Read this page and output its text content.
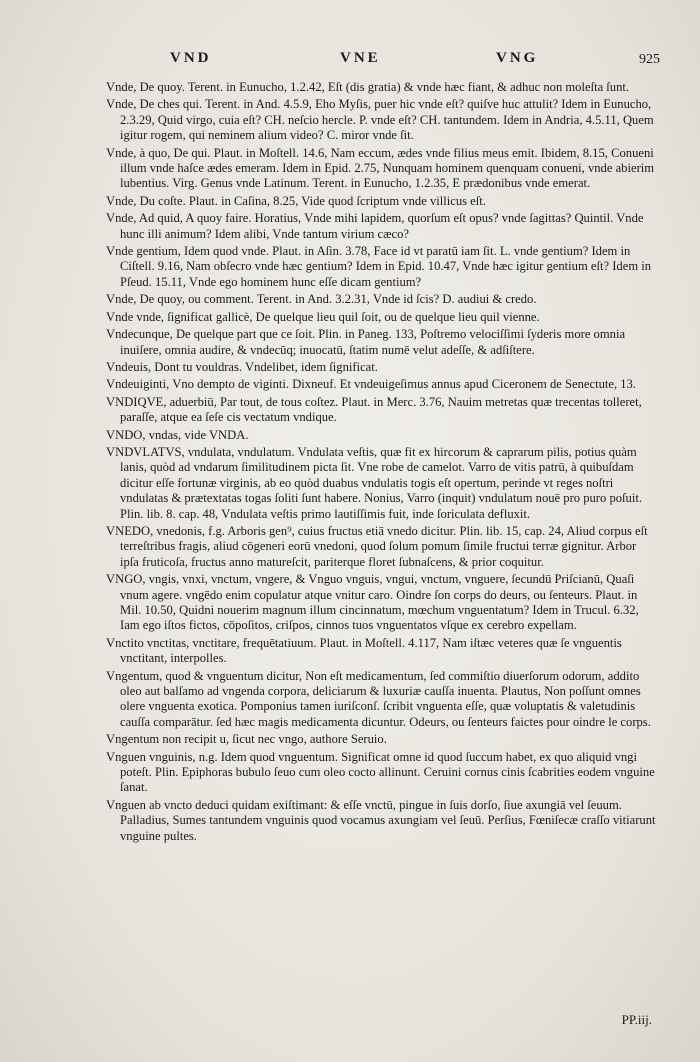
VND	VNE	VNG	925

Vnde, De quoy. Terent. in Eunucho, 1.2.42, Eſt (dis gratia) & vnde hæc fiant, & adhuc non moleſta ſunt.

Vnde, De ches qui. Terent. in And. 4.5.9, Eho Myſis, puer hic vnde eſt? quiſve huc attulit? Idem in Eunucho, 2.3.29, Quid virgo, cuia eſt? CH. neſcio hercle. P. vnde eſt? CH. tantundem. Idem in Andria, 4.5.11, Quem igitur rogem, qui neminem alium video? C. miror vnde ſit.

Vnde, à quo, De qui. Plaut. in Moſtell. 14.6, Nam eccum, ædes vnde filius meus emit. Ibidem, 8.15, Conueni illum vnde haſce ædes emeram. Idem in Epid. 2.75, Nunquam hominem quenquam conueni, vnde abierim lubentius. Virg. Genus vnde Latinum. Terent. in Eunucho, 1.2.35, E prædonibus vnde emerat.

Vnde, Du coſte. Plaut. in Caſina, 8.25, Vide quod ſcriptum vnde villicus eſt.

Vnde, Ad quid, A quoy faire. Horatius, Vnde mihi lapidem, quorſum eſt opus? vnde ſagittas? Quintil. Vnde hunc illi animum? Idem alibi, Vnde tantum virium cæco?

Vnde gentium, Idem quod vnde. Plaut. in Aſin. 3.78, Face id vt paratū iam ſit. L. vnde gentium? Idem in Ciſtell. 9.16, Nam obſecro vnde hæc gentium? Idem in Epid. 10.47, Vnde hæc igitur gentium eſt? Idem in Pſeud. 15.11, Vnde ego hominem hunc eſſe dicam gentium?

Vnde, De quoy, ou comment. Terent. in And. 3.2.31, Vnde id ſcis? D. audiui & credo.

Vnde vnde, ſignificat gallicè, De quelque lieu quil ſoit, ou de quelque lieu quil vienne.

Vndecunque, De quelque part que ce ſoit. Plin. in Paneg. 133, Poſtremo velociſſimi ſyderis more omnia inuiſere, omnia audire, & vndecūq; inuocatū, ſtatim numē velut adeſſe, & adſiſtere.

Vndeuis, Dont tu vouldras. Vndelibet, idem ſignificat.

Vndeuiginti, Vno dempto de viginti. Dixneuf. Et vndeuigeſimus annus apud Ciceronem de Senectute, 13.

VNDIQVE, aduerbiū, Par tout, de tous coſtez. Plaut. in Merc. 3.76, Nauim metretas quæ trecentas tolleret, paraſſe, atque ea ſeſe cis vectatum vndique.

VNDO, vndas, vide VNDA.

VNDVLATVS, vndulata, vndulatum. Vndulata veſtis, quæ fit ex hircorum & caprarum pilis, potius quàm lanis, quòd ad vndarum ſimilitudinem picta ſit. Vne robe de camelot. Varro de vitis patrū, à quibuſdam dicitur eſſe fortunæ virginis, ab eo quòd duabus vndulatis togis eſt opertum, perinde vt reges noſtri vndulatas & prætextatas togas ſoliti ſunt habere. Nonius, Varro (inquit) vndulatum nouē pro puro poſuit. Plin. lib. 8. cap. 48, Vndulata veſtis primo lautiſſimis fuit, inde ſoriculata defluxit.

VNEDO, vnedonis, f.g. Arboris gen⁹, cuius fructus etiā vnedo dicitur. Plin. lib. 15, cap. 24, Aliud corpus eſt terreſtribus fragis, aliud cōgeneri eorū vnedoni, quod ſolum pomum ſimile fructui terræ gignitur. Arbor ipſa fruticoſa, fructus anno matureſcit, pariterque floret ſubnaſcens, & prior coquitur.

VNGO, vngis, vnxi, vnctum, vngere, & Vnguo vnguis, vngui, vnctum, vnguere, ſecundū Priſcianū, Quaſi vnum agere. vngēdo enim copulatur atque vnitur caro. Oindre ſon corps do deurs, ou ſenteurs. Plaut. in Mil. 10.50, Quidni nouerim magnum illum cincinnatum, mœchum vnguentatum? Idem in Trucul. 6.32, Iam ego iſtos fictos, cōpoſitos, criſpos, cinnos tuos vnguentatos vſque ex cerebro expellam.

Vnctito vnctitas, vnctitare, frequētatiuum. Plaut. in Moſtell. 4.117, Nam iſtæc veteres quæ ſe vnguentis vnctitant, interpolles.

Vngentum, quod & vnguentum dicitur, Non eſt medicamentum, ſed commiſtio diuerſorum odorum, addito oleo aut balſamo ad vngenda corpora, deliciarum & luxuriæ cauſſa inuenta. Plautus, Non poſſunt omnes olere vnguenta exotica. Pomponius tamen iuriſconſ. ſcribit vnguenta eſſe, quæ voluptatis & valetudinis cauſſa comparātur. ſed hæc magis medicamenta dicuntur. Odeurs, ou ſenteurs faictes pour oindre le corps.

Vngentum non recipit u, ſicut nec vngo, authore Seruio.

Vnguen vnguinis, n.g. Idem quod vnguentum. Significat omne id quod ſuccum habet, ex quo aliquid vngi poteſt. Plin. Epiphoras bubulo ſeuo cum oleo cocto allinunt. Ceruini cornus cinis ſcabrities eodem vnguine ſanat.

Vnguen ab vncto deduci quidam exiſtimant: & eſſe vnctū, pingue in ſuis dorſo, ſiue axungiā vel ſeuum. Palladius, Sumes tantundem vnguinis quod vocamus axungiam vel ſeuū. Perſius, Fœniſecæ craſſo vitiarunt vnguine pultes.

PP.iij.
